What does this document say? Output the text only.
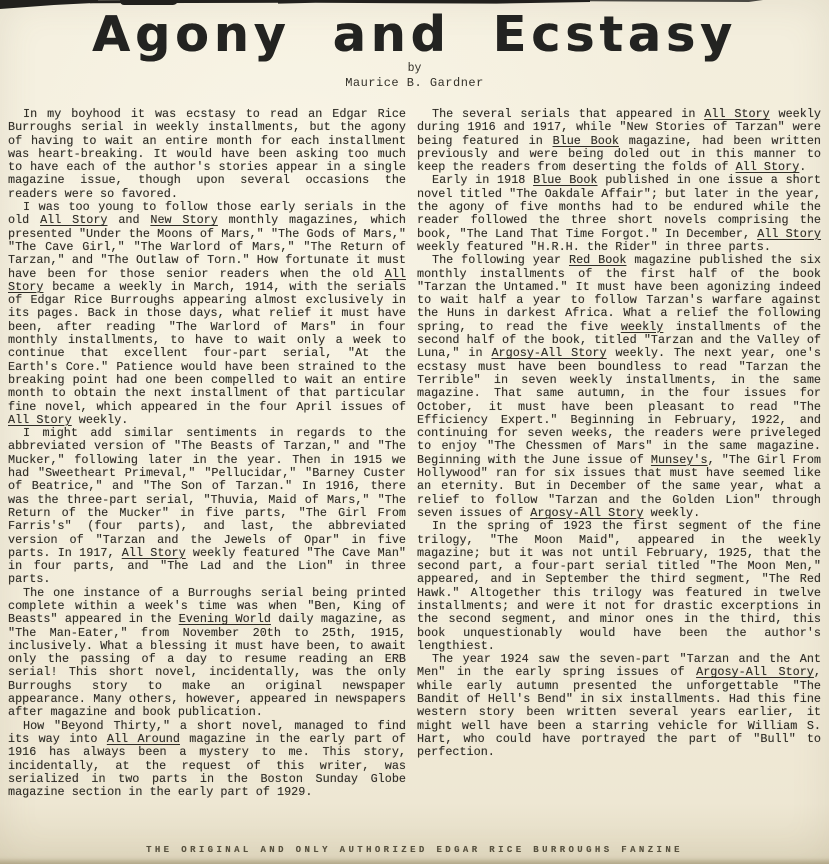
Agony and Ecstasy
by
Maurice B. Gardner

In my boyhood it was ecstasy to read an Edgar Rice Burroughs serial in weekly installments, but the agony of having to wait an entire month for each installment was heart-breaking. It would have been asking too much to have each of the author's stories appear in a single magazine issue, though upon several occasions the readers were so favored.

I was too young to follow those early serials in the old All Story and New Story monthly magazines, which presented "Under the Moons of Mars," "The Gods of Mars," "The Cave Girl," "The Warlord of Mars," "The Return of Tarzan," and "The Outlaw of Torn." How fortunate it must have been for those senior readers when the old All Story became a weekly in March, 1914, with the serials of Edgar Rice Burroughs appearing almost exclusively in its pages. Back in those days, what relief it must have been, after reading "The Warlord of Mars" in four monthly installments, to have to wait only a week to continue that excellent four-part serial, "At the Earth's Core." Patience would have been strained to the breaking point had one been compelled to wait an entire month to obtain the next installment of that particular fine novel, which appeared in the four April issues of All Story weekly.

I might add similar sentiments in regards to the abbreviated version of "The Beasts of Tarzan," and "The Mucker," following later in the year. Then in 1915 we had "Sweetheart Primeval," "Pellucidar," "Barney Custer of Beatrice," and "The Son of Tarzan." In 1916, there was the three-part serial, "Thuvia, Maid of Mars," "The Return of the Mucker" in five parts, "The Girl From Farris's" (four parts), and last, the abbreviated version of "Tarzan and the Jewels of Opar" in five parts. In 1917, All Story weekly featured "The Cave Man" in four parts, and "The Lad and the Lion" in three parts.

The one instance of a Burroughs serial being printed complete within a week's time was when "Ben, King of Beasts" appeared in the Evening World daily magazine, as "The Man-Eater," from November 20th to 25th, 1915, inclusively. What a blessing it must have been, to await only the passing of a day to resume reading an ERB serial! This short novel, incidentally, was the only Burroughs story to make an original newspaper appearance. Many others, however, appeared in newspapers after magazine and book publication.

How "Beyond Thirty," a short novel, managed to find its way into All Around magazine in the early part of 1916 has always been a mystery to me. This story, incidentally, at the request of this writer, was serialized in two parts in the Boston Sunday Globe magazine section in the early part of 1929.

The several serials that appeared in All Story weekly during 1916 and 1917, while "New Stories of Tarzan" were being featured in Blue Book magazine, had been written previously and were being doled out in this manner to keep the readers from deserting the folds of All Story.

Early in 1918 Blue Book published in one issue a short novel titled "The Oakdale Affair"; but later in the year, the agony of five months had to be endured while the reader followed the three short novels comprising the book, "The Land That Time Forgot." In December, All Story weekly featured "H.R.H. the Rider" in three parts.

The following year Red Book magazine published the six monthly installments of the first half of the book "Tarzan the Untamed." It must have been agonizing indeed to wait half a year to follow Tarzan's warfare against the Huns in darkest Africa. What a relief the following spring, to read the five weekly installments of the second half of the book, titled "Tarzan and the Valley of Luna," in Argosy-All Story weekly. The next year, one's ecstasy must have been boundless to read "Tarzan the Terrible" in seven weekly installments, in the same magazine. That same autumn, in the four issues for October, it must have been pleasant to read "The Efficiency Expert." Beginning in February, 1922, and continuing for seven weeks, the readers were priveleged to enjoy "The Chessmen of Mars" in the same magazine. Beginning with the June issue of Munsey's, "The Girl From Hollywood" ran for six issues that must have seemed like an eternity. But in December of the same year, what a relief to follow "Tarzan and the Golden Lion" through seven issues of Argosy-All Story weekly.

In the spring of 1923 the first segment of the fine trilogy, "The Moon Maid", appeared in the weekly magazine; but it was not until February, 1925, that the second part, a four-part serial titled "The Moon Men," appeared, and in September the third segment, "The Red Hawk." Altogether this trilogy was featured in twelve installments; and were it not for drastic excerptions in the second segment, and minor ones in the third, this book unquestionably would have been the author's lengthiest.

The year 1924 saw the seven-part "Tarzan and the Ant Men" in the early spring issues of Argosy-All Story, while early autumn presented the unforgettable "The Bandit of Hell's Bend" in six installments. Had this fine western story been written several years earlier, it might well have been a starring vehicle for William S. Hart, who could have portrayed the part of "Bull" to perfection.

THE ORIGINAL AND ONLY AUTHORIZED EDGAR RICE BURROUGHS FANZINE
